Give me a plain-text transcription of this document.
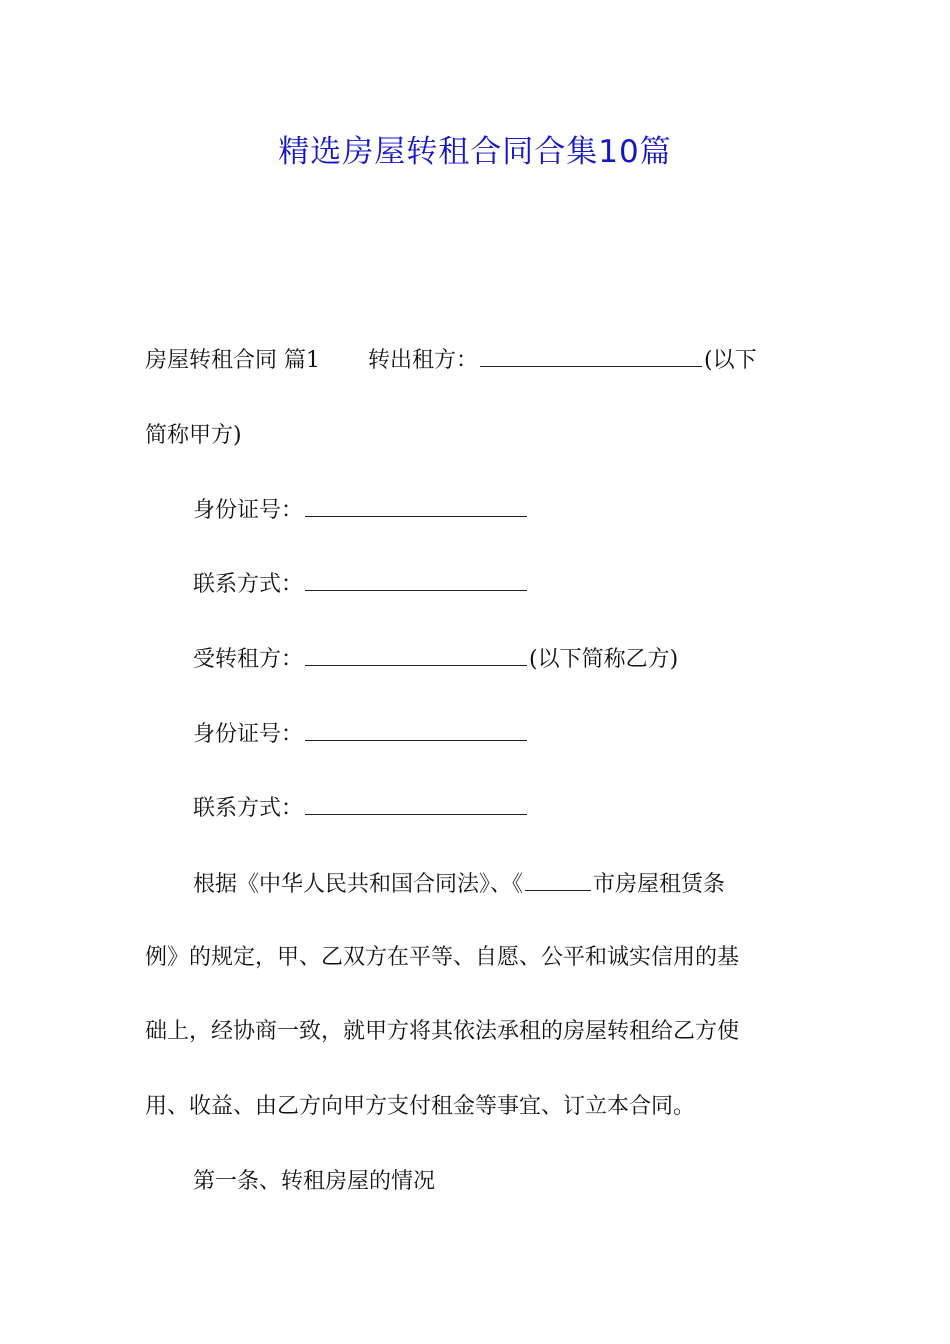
精选房屋转租合同合集10篇
房屋转租合同 篇1 转出租方：	(以下
简称甲方)
身份证号：
联系方式：
受转租方：	(以下简称乙方)
身份证号：
联系方式：
根据《中华人民共和国合同法》、《	市房屋租赁条
例》的规定，甲、乙双方在平等、自愿、公平和诚实信用的基
础上，经协商一致，就甲方将其依法承租的房屋转租给乙方使
用、收益、由乙方向甲方支付租金等事宜、订立本合同。
第一条、转租房屋的情况
